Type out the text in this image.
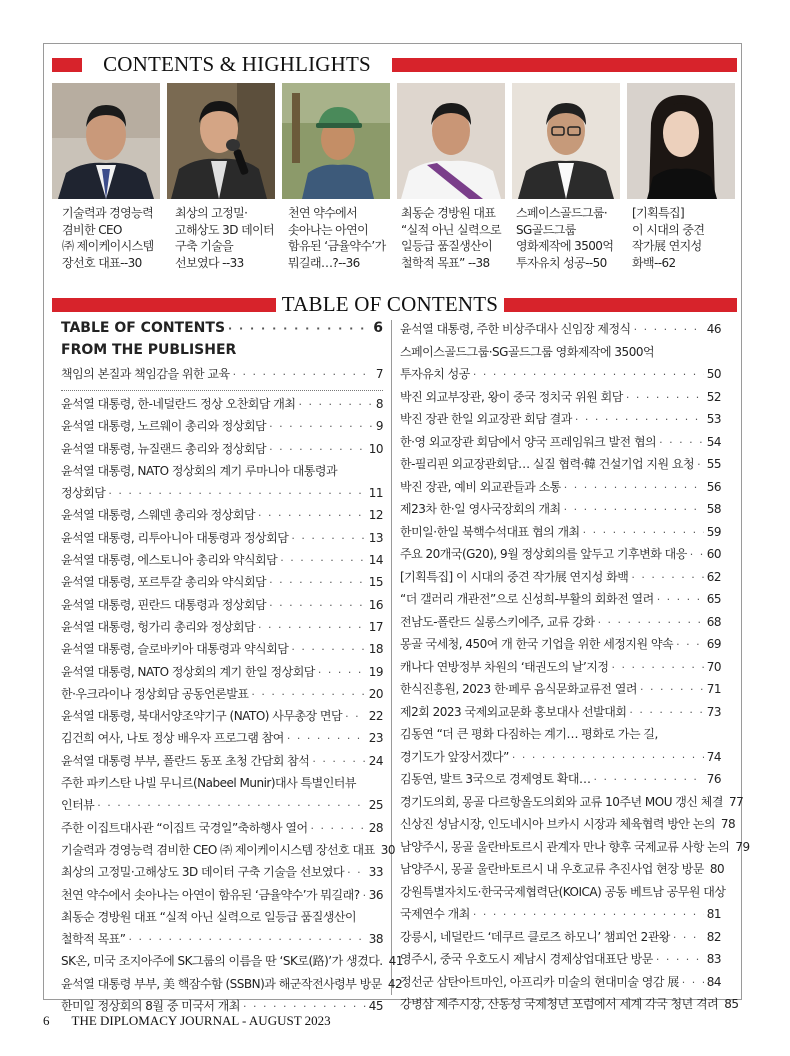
CONTENTS & HIGHLIGHTS
기술력과 경영능력
겸비한 CEO
㈜ 제이케이시스템
장선호 대표--30
최상의 고정밀·
고해상도 3D 데이터
구축 기술을
선보였다 --33
천연 약수에서
솟아나는 아연이
함유된 ‘금율약수’가
뭐길래…?--36
최동순 경방원 대표
“실적 아닌 실력으로
일등급 품질생산이
철학적 목표” --38
스페이스골드그룹·
SG골드그룹
영화제작에 3500억
투자유치 성공--50
[기획특집]
이 시대의 중견
작가展 연지성
화백--62
TABLE OF CONTENTS
TABLE OF CONTENTS · · ·	6
FROM THE PUBLISHER
책임의 본질과 책임감을 위한 교육 · · ·	7
윤석열 대통령, 한-네덜란드 정상 오찬회담 개최 · · ·	8
윤석열 대통령, 노르웨이 총리와 정상회담 · · ·	9
윤석열 대통령, 뉴질랜드 총리와 정상회담 · · ·	10
윤석열 대통령, NATO 정상회의 계기 루마니아 대통령과
정상회담 · · ·	11
윤석열 대통령, 스웨덴 총리와 정상회담 · · ·	12
윤석열 대통령, 리투아니아 대통령과 정상회담 · · ·	13
윤석열 대통령, 에스토니아 총리와 약식회담 · · ·	14
윤석열 대통령, 포르투갈 총리와 약식회담 · · ·	15
윤석열 대통령, 핀란드 대통령과 정상회담 · · ·	16
윤석열 대통령, 헝가리 총리와 정상회담 · · ·	17
윤석열 대통령, 슬로바키아 대통령과 약식회담 · · ·	18
윤석열 대통령, NATO 정상회의 계기 한일 정상회담 · · ·	19
한·우크라이나 정상회담 공동언론발표 · · ·	20
윤석열 대통령, 북대서양조약기구 (NATO) 사무총장 면담 · · · 22
김건희 여사, 나토 정상 배우자 프로그램 참여 · · ·	23
윤석열 대통령 부부, 폴란드 동포 초청 간담회 참석 · · ·	24
주한 파키스탄 나빌 무니르(Nabeel Munir)대사 특별인터뷰
인터뷰 · · ·	25
주한 이집트대사관 “이집트 국경일”축하행사 열어 · · ·	28
기술력과 경영능력 겸비한 CEO ㈜ 제이케이시스템 장선호 대표 30
최상의 고정밀·고해상도 3D 데이터 구축 기술을 선보였다 · · · 33
천연 약수에서 솟아나는 아연이 함유된 ‘금율약수’가 뭐길래? · · · 36
최동순 경방원 대표 “실적 아닌 실력으로 일등급 품질생산이
철학적 목표” · · ·	38
SK온, 미국 조지아주에 SK그룹의 이름을 딴 ‘SK로(路)’가 생겼다. 41
윤석열 대통령 부부, 美 핵잠수함 (SSBN)과 해군작전사령부 방문 42
한미일 정상회의 8월 중 미국서 개최 · · ·	45
윤석열 대통령, 주한 비상주대사 신임장 제정식 · · ·	46
스페이스골드그룹·SG골드그룹 영화제작에 3500억
투자유치 성공 · · ·	50
박진 외교부장관, 왕이 중국 정치국 위원 회담 · · ·	52
박진 장관 한일 외교장관 회담 결과 · · ·	53
한·영 외교장관 회담에서 양국 프레임워크 발전 협의 · · ·	54
한-필리핀 외교장관회담… 실질 협력·韓 건설기업 지원 요청 · · · 55
박진 장관, 예비 외교관들과 소통 · · ·	56
제23차 한·일 영사국장회의 개최 · · ·	58
한미일·한일 북핵수석대표 협의 개최 · · ·	59
주요 20개국(G20), 9월 정상회의를 앞두고 기후변화 대응 · · · 60
[기획특집] 이 시대의 중견 작가展 연지성 화백 · · ·	62
“더 갤러리 개관전”으로 신성희-부활의 회화전 열려 · · ·	65
전남도-폴란드 실롱스키에주, 교류 강화 · · ·	68
몽골 국세청, 450여 개 한국 기업을 위한 세정지원 약속 · · ·	69
캐나다 연방정부 차원의 ‘태권도의 날’지정 · · ·	70
한식진흥원, 2023 한·페루 음식문화교류전 열려 · · ·	71
제2회 2023 국제외교문화 홍보대사 선발대회 · · ·	73
김동연 “더 큰 평화 다짐하는 계기… 평화로 가는 길,
경기도가 앞장서겠다” · · ·	74
김동연, 발트 3국으로 경제영토 확대… · · ·	76
경기도의회, 몽골 다르항올도의회와 교류 10주년 MOU 갱신 체결 77
신상진 성남시장, 인도네시아 브카시 시장과 체육협력 방안 논의 78
남양주시, 몽골 울란바토르시 관계자 만나 향후 국제교류 사항 논의 79
남양주시, 몽골 울란바토르시 내 우호교류 추진사업 현장 방문 80
강원특별자치도·한국국제협력단(KOICA) 공동 베트남 공무원 대상
국제연수 개최 · · ·	81
강릉시, 네덜란드 ‘데쿠르 클로즈 하모니’ 챔피언 2관왕 · · ·	82
영주시, 중국 우호도시 제남시 경제상업대표단 방문 · · ·	83
정선군 삼탄아트마인, 아프리카 미술의 현대미술 영감 展 · · · 84
강병삼 제주시장, 산동성 국제청년 포럼에서 세계 각국 청년 격려 85
6 THE DIPLOMACY JOURNAL - AUGUST 2023
